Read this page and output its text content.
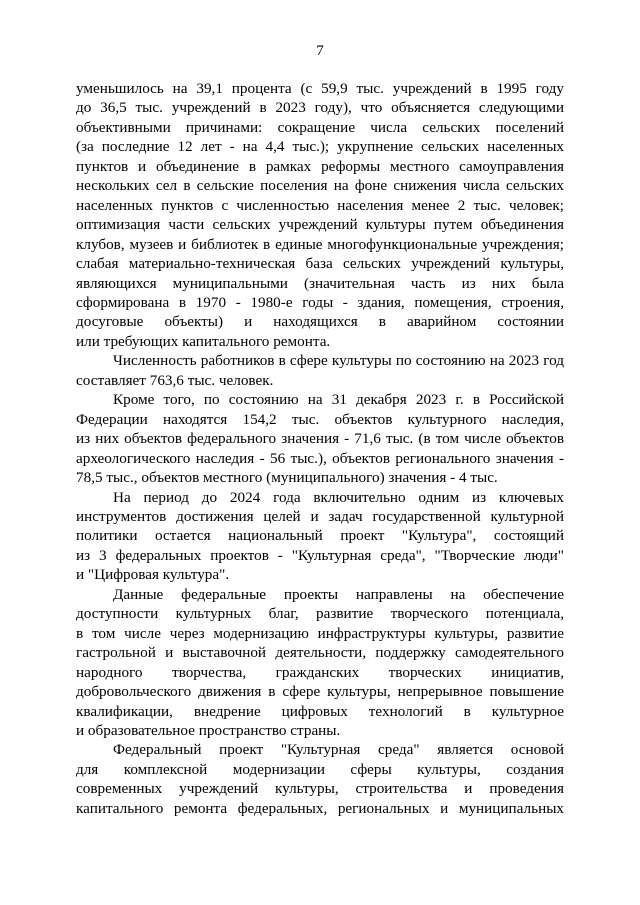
7
уменьшилось на 39,1 процента (с 59,9 тыс. учреждений в 1995 году
до 36,5 тыс. учреждений в 2023 году), что объясняется следующими
объективными причинами: сокращение числа сельских поселений
(за последние 12 лет - на 4,4 тыс.); укрупнение сельских населенных
пунктов и объединение в рамках реформы местного самоуправления
нескольких сел в сельские поселения на фоне снижения числа сельских
населенных пунктов с численностью населения менее 2 тыс. человек;
оптимизация части сельских учреждений культуры путем объединения
клубов, музеев и библиотек в единые многофункциональные учреждения;
слабая материально-техническая база сельских учреждений культуры,
являющихся муниципальными (значительная часть из них была
сформирована в 1970 - 1980-е годы - здания, помещения, строения,
досуговые объекты) и находящихся в аварийном состоянии
или требующих капитального ремонта.
Численность работников в сфере культуры по состоянию на 2023 год
составляет 763,6 тыс. человек.
Кроме того, по состоянию на 31 декабря 2023 г. в Российской
Федерации находятся 154,2 тыс. объектов культурного наследия,
из них объектов федерального значения - 71,6 тыс. (в том числе объектов
археологического наследия - 56 тыс.), объектов регионального значения -
78,5 тыс., объектов местного (муниципального) значения - 4 тыс.
На период до 2024 года включительно одним из ключевых
инструментов достижения целей и задач государственной культурной
политики остается национальный проект "Культура", состоящий
из 3 федеральных проектов - "Культурная среда", "Творческие люди"
и "Цифровая культура".
Данные федеральные проекты направлены на обеспечение
доступности культурных благ, развитие творческого потенциала,
в том числе через модернизацию инфраструктуры культуры, развитие
гастрольной и выставочной деятельности, поддержку самодеятельного
народного творчества, гражданских творческих инициатив,
добровольческого движения в сфере культуры, непрерывное повышение
квалификации, внедрение цифровых технологий в культурное
и образовательное пространство страны.
Федеральный проект "Культурная среда" является основой
для комплексной модернизации сферы культуры, создания
современных учреждений культуры, строительства и проведения
капитального ремонта федеральных, региональных и муниципальных
